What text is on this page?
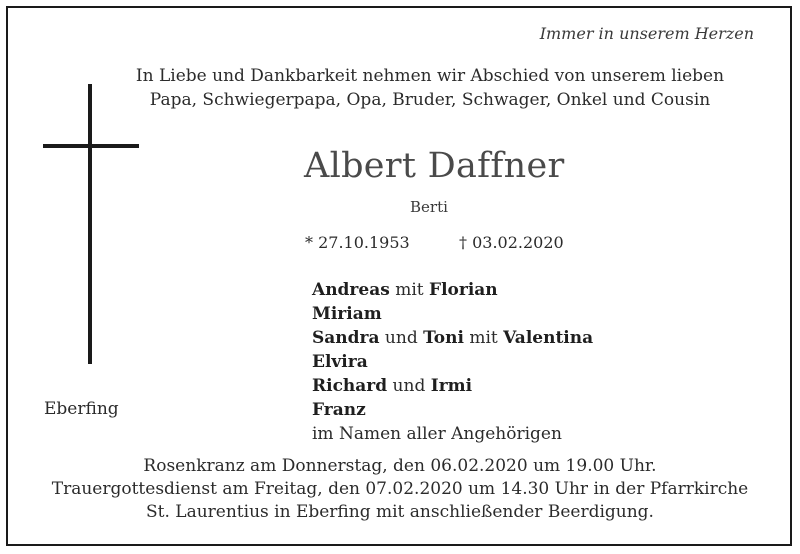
Immer in unserem Herzen
In Liebe und Dankbarkeit nehmen wir Abschied von unserem lieben
Papa, Schwiegerpapa, Opa, Bruder, Schwager, Onkel und Cousin
Albert Daffner
Berti
* 27.10.1953	† 03.02.2020
Andreas mit Florian
Miriam
Sandra und Toni mit Valentina
Elvira
Richard und Irmi
Franz
im Namen aller Angehörigen
Eberfing
Rosenkranz am Donnerstag, den 06.02.2020 um 19.00 Uhr.
Trauergottesdienst am Freitag, den 07.02.2020 um 14.30 Uhr in der Pfarrkirche
St. Laurentius in Eberfing mit anschließender Beerdigung.
